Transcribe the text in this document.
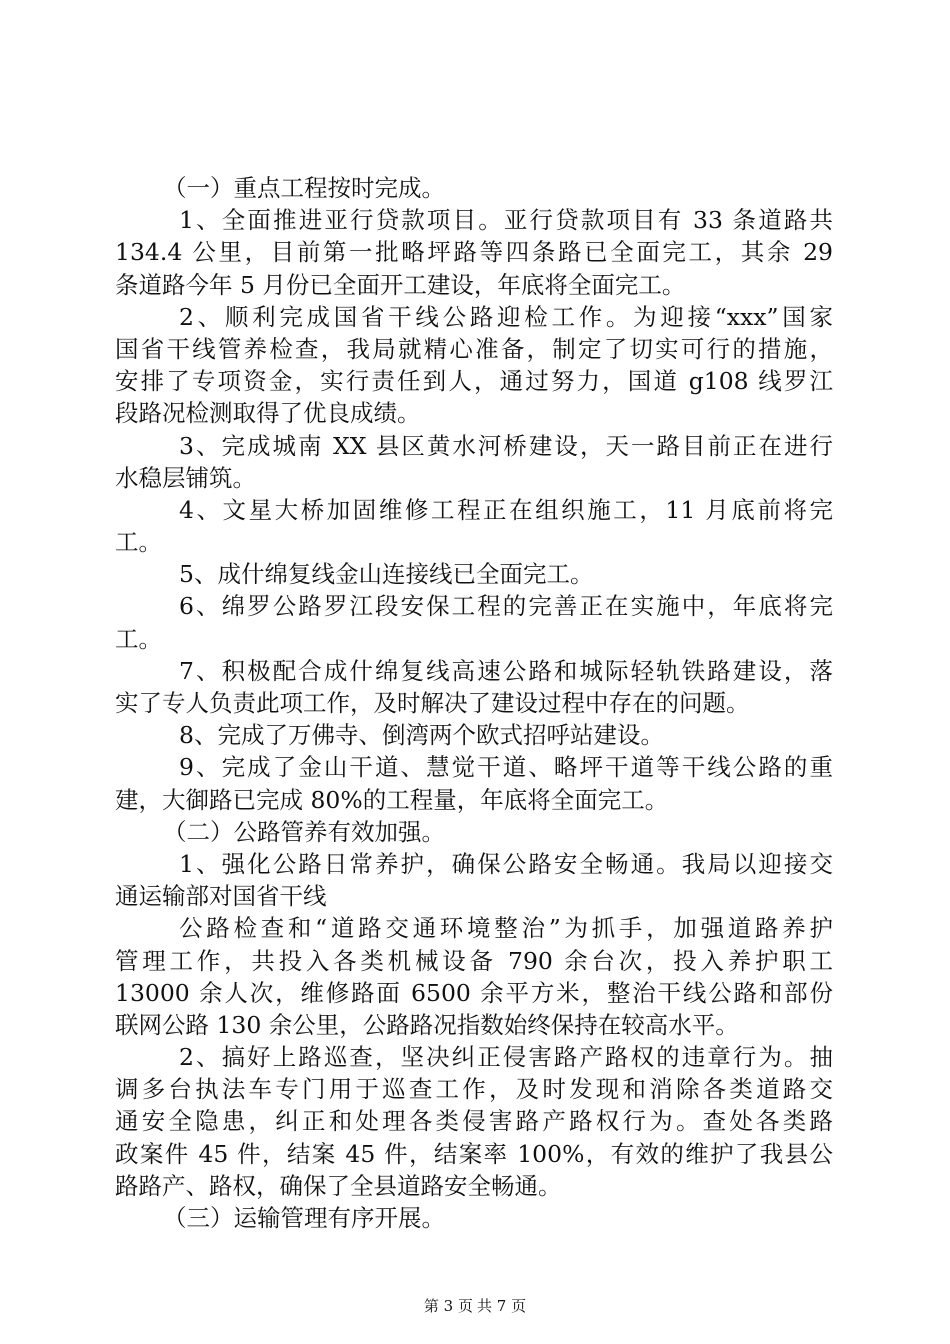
（一）重点工程按时完成。
1、全面推进亚行贷款项目。亚行贷款项目有 33 条道路共
134.4 公里，目前第一批略坪路等四条路已全面完工，其余 29
条道路今年 5 月份已全面开工建设，年底将全面完工。
2、顺利完成国省干线公路迎检工作。为迎接“xxx”国家
国省干线管养检查，我局就精心准备，制定了切实可行的措施，
安排了专项资金，实行责任到人，通过努力，国道 g108 线罗江
段路况检测取得了优良成绩。
3、完成城南 XX 县区黄水河桥建设，天一路目前正在进行
水稳层铺筑。
4、文星大桥加固维修工程正在组织施工，11 月底前将完
工。
5、成什绵复线金山连接线已全面完工。
6、绵罗公路罗江段安保工程的完善正在实施中，年底将完
工。
7、积极配合成什绵复线高速公路和城际轻轨铁路建设，落
实了专人负责此项工作，及时解决了建设过程中存在的问题。
8、完成了万佛寺、倒湾两个欧式招呼站建设。
9、完成了金山干道、慧觉干道、略坪干道等干线公路的重
建，大御路已完成 80%的工程量，年底将全面完工。
（二）公路管养有效加强。
1、强化公路日常养护，确保公路安全畅通。我局以迎接交
通运输部对国省干线
公路检查和“道路交通环境整治”为抓手，加强道路养护
管理工作，共投入各类机械设备 790 余台次，投入养护职工
13000 余人次，维修路面 6500 余平方米，整治干线公路和部份
联网公路 130 余公里，公路路况指数始终保持在较高水平。
2、搞好上路巡查，坚决纠正侵害路产路权的违章行为。抽
调多台执法车专门用于巡查工作，及时发现和消除各类道路交
通安全隐患，纠正和处理各类侵害路产路权行为。查处各类路
政案件 45 件，结案 45 件，结案率 100%，有效的维护了我县公
路路产、路权，确保了全县道路安全畅通。
（三）运输管理有序开展。
第 3 页 共 7 页
